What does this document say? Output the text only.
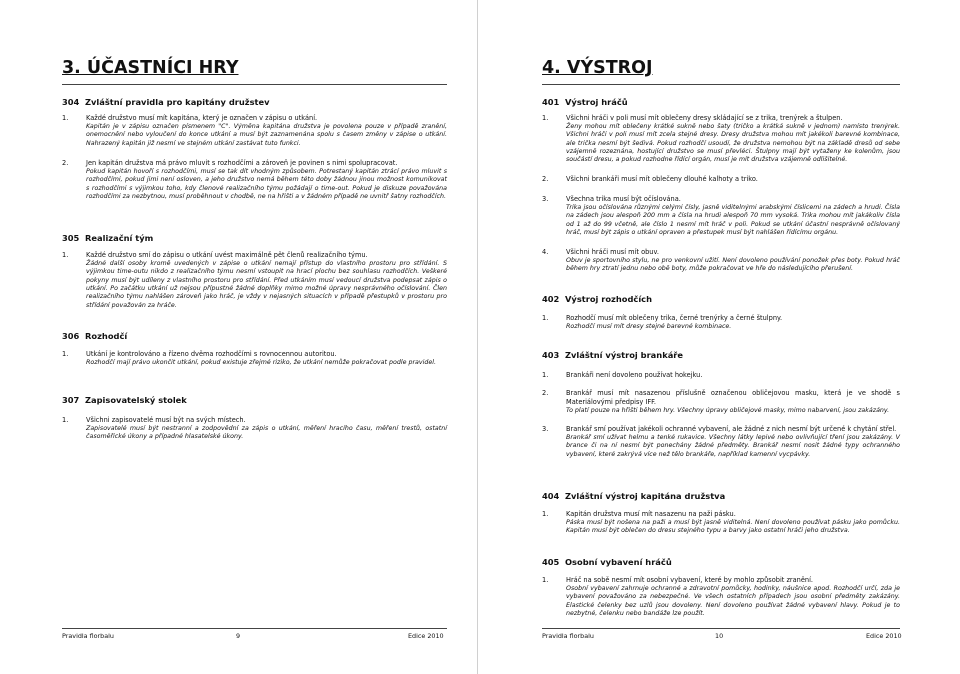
3. ÚČASTNÍCI HRY
304 Zvláštní pravidla pro kapitány družstev
1.	Každé družstvo musí mít kapitána, který je označen v zápisu o utkání.
Kapitán je v zápisu označen písmenem "C". Výměna kapitána družstva je povolena pouze v případě zranění, onemocnění nebo vyloučení do konce utkání a musí být zaznamenána spolu s časem změny v zápise o utkání. Nahrazený kapitán již nesmí ve stejném utkání zastávat tuto funkci.
2.	Jen kapitán družstva má právo mluvit s rozhodčími a zároveň je povinen s nimi spolupracovat.
Pokud kapitán hovoří s rozhodčími, musí se tak dít vhodným způsobem. Potrestaný kapitán ztrácí právo mluvit s rozhodčími, pokud jimi není osloven, a jeho družstvo nemá během této doby žádnou jinou možnost komunikovat s rozhodčími s výjimkou toho, kdy členové realizačního týmu požádají o time-out. Pokud je diskuze považována rozhodčími za nezbytnou, musí proběhnout v chodbě, ne na hřišti a v žádném případě ne uvnitř šatny rozhodčích.
305 Realizační tým
1.	Každé družstvo smí do zápisu o utkání uvést maximálně pět členů realizačního týmu.
Žádné další osoby kromě uvedených v zápise o utkání nemají přístup do vlastního prostoru pro střídání. S výjimkou time-outu nikdo z realizačního týmu nesmí vstoupit na hrací plochu bez souhlasu rozhodčích. Veškeré pokyny musí být udíleny z vlastního prostoru pro střídání. Před utkáním musí vedoucí družstva podepsat zápis o utkání. Po začátku utkání už nejsou přípustné žádné doplňky mimo možné úpravy nesprávného očíslování. Člen realizačního týmu nahlášen zároveň jako hráč, je vždy v nejasných situacích v případě přestupků v prostoru pro střídání považován za hráče.
306 Rozhodčí
1.	Utkání je kontrolováno a řízeno dvěma rozhodčími s rovnocennou autoritou.
Rozhodčí mají právo ukončit utkání, pokud existuje zřejmé riziko, že utkání nemůže pokračovat podle pravidel.
307 Zapisovatelský stolek
1.	Všichni zapisovatelé musí být na svých místech.
Zapisovatelé musí být nestranní a zodpovědní za zápis o utkání, měření hracího času, měření trestů, ostatní časoměřické úkony a případné hlasatelské úkony.
Pravidla florbalu	9	Edice 2010
4. VÝSTROJ
401 Výstroj hráčů
1.	Všichni hráči v poli musí mít oblečeny dresy skládající se z trika, trenýrek a štulpen.
Ženy mohou mít oblečeny krátké sukně nebo šaty (tričko a krátká sukně v jednom) namísto trenýrek. Všichni hráči v poli musí mít zcela stejné dresy. Dresy družstva mohou mít jakékoli barevné kombinace, ale trička nesmí být šedivá. Pokud rozhodčí usoudí, že družstva nemohou být na základě dresů od sebe vzájemně rozeznána, hostující družstvo se musí převléci. Štulpny mají být vytaženy ke kolenům, jsou součástí dresu, a pokud rozhodne řídící orgán, musí je mít družstva vzájemně odlišitelné.
2.	Všichni brankáři musí mít oblečeny dlouhé kalhoty a triko.
3.	Všechna trika musí být očíslována.
Trika jsou očíslována různými celými čísly, jasně viditelnými arabskými číslicemi na zádech a hrudi. Čísla na zádech jsou alespoň 200 mm a čísla na hrudi alespoň 70 mm vysoká. Trika mohou mít jakákoliv čísla od 1 až do 99 včetně, ale číslo 1 nesmí mít hráč v poli. Pokud se utkání účastní nesprávně očíslovaný hráč, musí být zápis o utkání opraven a přestupek musí být nahlášen řídícímu orgánu.
4.	Všichni hráči musí mít obuv.
Obuv je sportovního stylu, ne pro venkovní užití. Není dovoleno používání ponožek přes boty. Pokud hráč během hry ztratí jednu nebo obě boty, může pokračovat ve hře do následujícího přerušení.
402 Výstroj rozhodčích
1.	Rozhodčí musí mít oblečeny trika, černé trenýrky a černé štulpny.
Rozhodčí musí mít dresy stejné barevné kombinace.
403 Zvláštní výstroj brankáře
1.	Brankáři není dovoleno používat hokejku.
2.	Brankář musí mít nasazenou příslušně označenou obličejovou masku, která je ve shodě s Materiálovými předpisy IFF.
To platí pouze na hřišti během hry. Všechny úpravy obličejové masky, mimo nabarvení, jsou zakázány.
3.	Brankář smí používat jakékoli ochranné vybavení, ale žádné z nich nesmí být určené k chytání střel.
Brankář smí užívat helmu a tenké rukavice. Všechny látky lepivé nebo ovlivňující tření jsou zakázány. V brance či na ní nesmí být ponechány žádné předměty. Brankář nesmí nosit žádné typy ochranného vybavení, které zakrývá více než tělo brankáře, například kamenní vycpávky.
404 Zvláštní výstroj kapitána družstva
1.	Kapitán družstva musí mít nasazenu na paži pásku.
Páska musí být nošena na paži a musí být jasně viditelná. Není dovoleno používat pásku jako pomůcku. Kapitán musí být oblečen do dresu stejného typu a barvy jako ostatní hráči jeho družstva.
405 Osobní vybavení hráčů
1.	Hráč na sobě nesmí mít osobní vybavení, které by mohlo způsobit zranění.
Osobní vybavení zahrnuje ochranné a zdravotní pomůcky, hodinky, náušnice apod. Rozhodčí určí, zda je vybavení považováno za nebezpečné. Ve všech ostatních případech jsou osobní předměty zakázány. Elastické čelenky bez uzlů jsou dovoleny. Není dovoleno používat žádné vybavení hlavy. Pokud je to nezbytné, čelenku nebo bandáže lze použít.
Pravidla florbalu	10	Edice 2010
